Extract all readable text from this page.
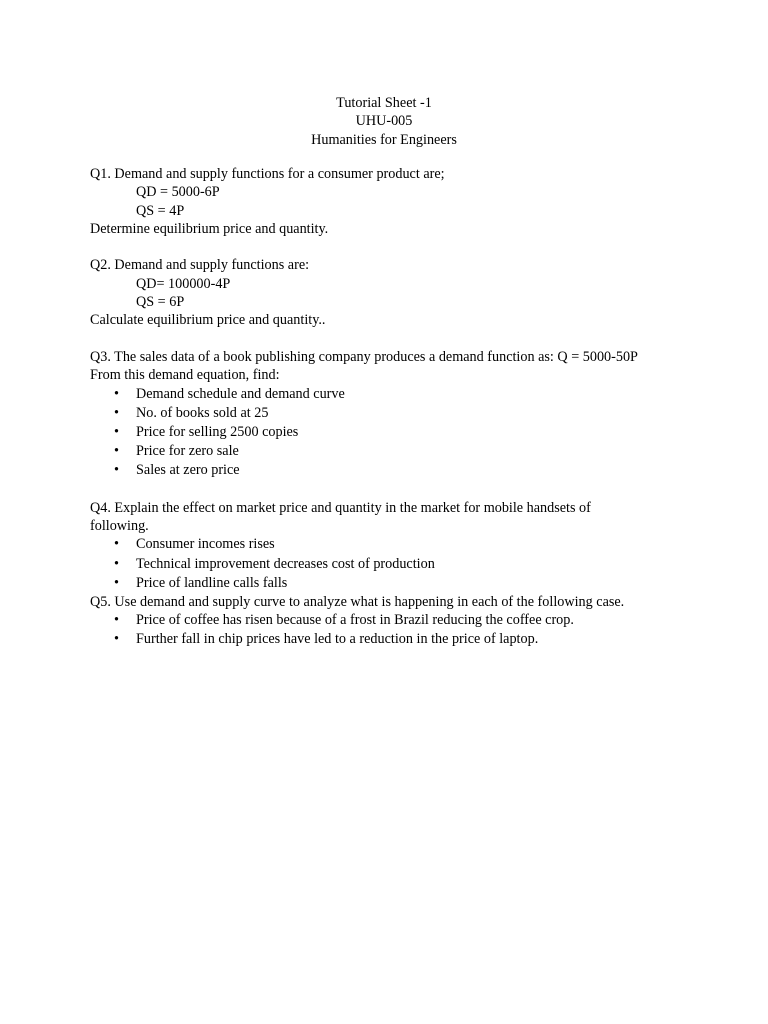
Tutorial Sheet -1
UHU-005
Humanities for Engineers
Q1. Demand and supply functions for a consumer product are;
QD = 5000-6P
QS = 4P
Determine equilibrium price and quantity.
Q2. Demand and supply functions are:
QD= 100000-4P
QS = 6P
Calculate equilibrium price and quantity..
Q3. The sales data of a book publishing company produces a demand function as: Q = 5000-50P
From this demand equation, find:
• Demand schedule and demand curve
• No. of books sold at 25
• Price for selling 2500 copies
• Price for zero sale
• Sales at zero price
Q4. Explain the effect on market price and quantity in the market for mobile handsets of
following.
• Consumer incomes rises
• Technical improvement decreases cost of production
• Price of landline calls falls
Q5. Use demand and supply curve to analyze what is happening in each of the following case.
• Price of coffee has risen because of a frost in Brazil reducing the coffee crop.
• Further fall in chip prices have led to a reduction in the price of laptop.
